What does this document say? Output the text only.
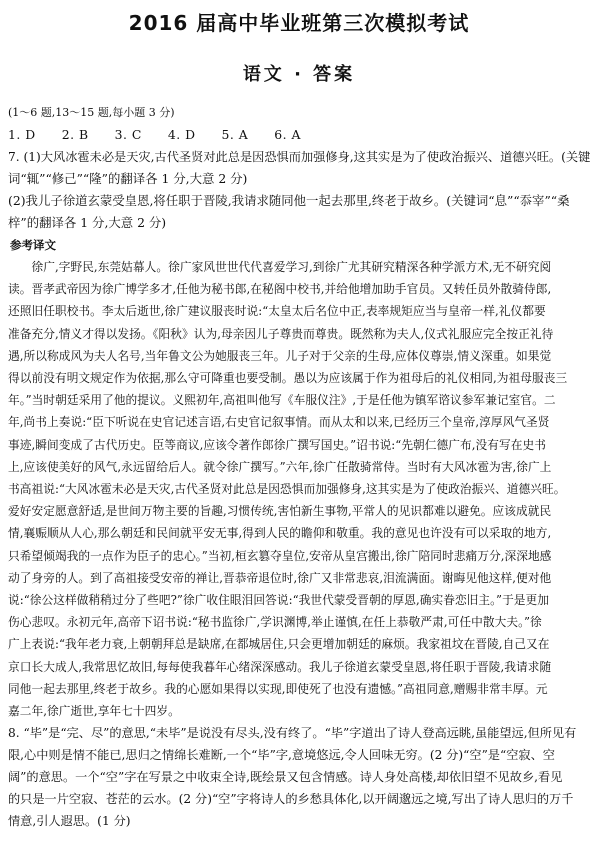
2016 届高中毕业班第三次模拟考试
语文 · 答案

(1～6 题,13～15 题,每小题 3 分)

1. D 2. B 3. C 4. D 5. A 6. A

7. (1)大风冰雹未必是天灾,古代圣贤对此总是因恐惧而加强修身,这其实是为了使政治振兴、道德兴旺。(关键

词“辄”“修己”“隆”的翻译各 1 分,大意 2 分)

(2)我儿子徐道玄蒙受皇恩,将任职于晋陵,我请求随同他一起去那里,终老于故乡。(关键词“息”“忝宰”“桑

梓”的翻译各 1 分,大意 2 分)

参考译文

　　徐广,字野民,东莞姑幕人。徐广家风世世代代喜爱学习,到徐广尤其研究精深各种学派方术,无不研究阅

读。晋孝武帝因为徐广博学多才,任他为秘书郎,在秘阁中校书,并给他增加助手官员。又转任员外散骑侍郎,

还照旧任职校书。李太后逝世,徐广建议服丧时说:“太皇太后名位中正,表率规矩应当与皇帝一样,礼仪都要

准备充分,情义才得以发扬。《阳秋》认为,母亲因儿子尊贵而尊贵。既然称为夫人,仪式礼服应完全按正礼待

遇,所以称成风为夫人名号,当年鲁文公为她服丧三年。儿子对于父亲的生母,应体仪尊崇,情义深重。如果觉

得以前没有明文规定作为依据,那么守可降重也要受制。愚以为应该属于作为祖母后的礼仪相同,为祖母服丧三

年。”当时朝廷采用了他的提议。义熙初年,高祖叫他写《车服仪注》,于是任他为镇军谘议参军兼记室官。二

年,尚书上奏说:“臣下听说在史官记述言语,右史官记叙事情。而从太和以来,已经历三个皇帝,淳厚风气圣贤

事迹,瞬间变成了古代历史。臣等商议,应该令著作郎徐广撰写国史。”诏书说:“先朝仁德广布,没有写在史书

上,应该使美好的风气,永远留给后人。就令徐广撰写。”六年,徐广任散骑常侍。当时有大风冰雹为害,徐广上

书高祖说:“大风冰雹未必是天灾,古代圣贤对此总是因恐惧而加强修身,这其实是为了使政治振兴、道德兴旺。

爱好安定愿意舒适,是世间万物主要的旨趣,习惯传统,害怕新生事物,平常人的见识都难以避免。应该成就民

情,襄赈顺从人心,那么朝廷和民间就平安无事,得到人民的瞻仰和敬重。我的意见也许没有可以采取的地方,

只希望倾竭我的一点作为臣子的忠心。”当初,桓玄篡夺皇位,安帝从皇宫搬出,徐广陪同时悲痛万分,深深地感

动了身旁的人。到了高祖接受安帝的禅让,晋恭帝退位时,徐广又非常悲哀,泪流满面。谢晦见他这样,便对他

说:“徐公这样做稍稍过分了些吧?”徐广收住眼泪回答说:“我世代蒙受晋朝的厚恩,确实眷恋旧主。”于是更加

伤心悲叹。永初元年,高帝下诏书说:“秘书监徐广,学识渊博,举止谨慎,在任上恭敬严肃,可任中散大夫。”徐

广上表说:“我年老力衰,上朝朝拜总是缺席,在都城居住,只会更增加朝廷的麻烦。我家祖坟在晋陵,自己又在

京口长大成人,我常思忆故旧,每每使我暮年心绪深深感动。我儿子徐道玄蒙受皇恩,将任职于晋陵,我请求随

同他一起去那里,终老于故乡。我的心愿如果得以实现,即使死了也没有遗憾。”高祖同意,赠赐非常丰厚。元

嘉二年,徐广逝世,享年七十四岁。

8. “毕”是“完、尽”的意思,“未毕”是说没有尽头,没有终了。“毕”字道出了诗人登高远眺,虽能望远,但所见有

限,心中则是情不能已,思归之情绵长难断,一个“毕”字,意境悠远,令人回味无穷。(2 分)“空”是“空寂、空

阔”的意思。一个“空”字在写景之中收束全诗,既绘景又包含情感。诗人身处高楼,却依旧望不见故乡,看见

的只是一片空寂、苍茫的云水。(2 分)“空”字将诗人的乡愁具体化,以开阔邈远之境,写出了诗人思归的万千

情意,引人遐思。(1 分)
